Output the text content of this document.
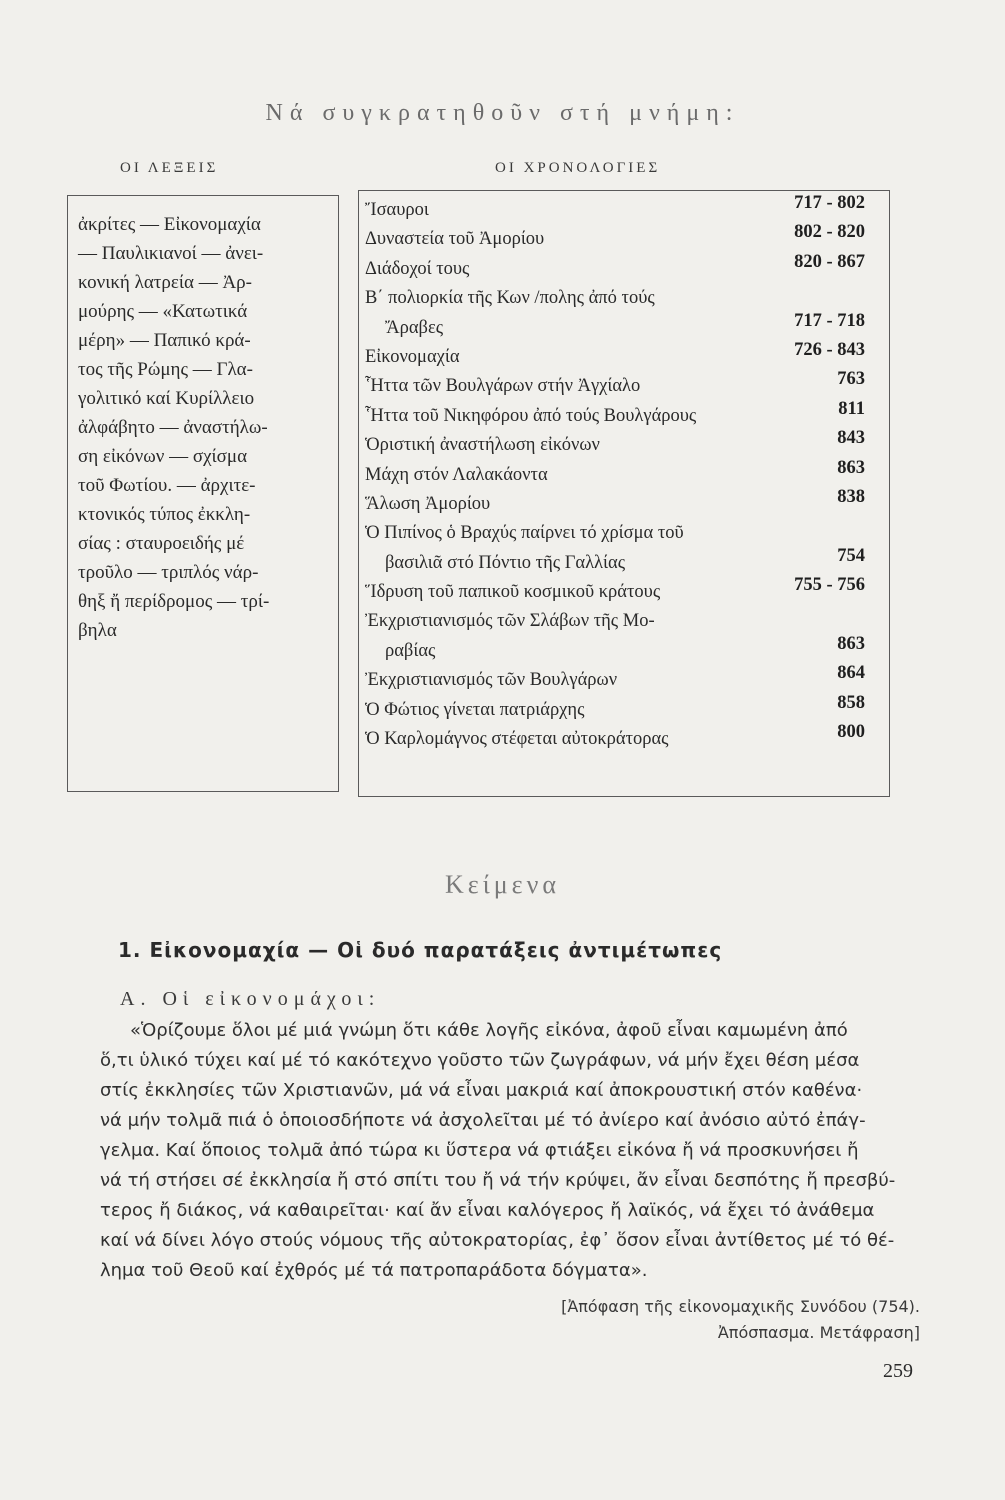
Νά συγκρατηθοῦν στή μνήμη:
ΟΙ ΛΕΞΕΙΣ	ΟΙ ΧΡΟΝΟΛΟΓΙΕΣ
ἀκρίτες — Εἰκονομαχία
— Παυλικιανοί — ἀνει-
κονική λατρεία — Ἀρ-
μούρης — «Κατωτικά
μέρη» — Παπικό κρά-
τος τῆς Ρώμης — Γλα-
γολιτικό καί Κυρίλλειο
ἀλφάβητο — ἀναστήλω-
ση εἰκόνων — σχίσμα
τοῦ Φωτίου. — ἀρχιτε-
κτονικός τύπος ἐκκλη-
σίας : σταυροειδής μέ
τροῦλο — τριπλός νάρ-
θηξ ἤ περίδρομος — τρί-
βηλα
Ἴσαυροι	717 - 802
Δυναστεία τοῦ Ἀμορίου	802 - 820
Διάδοχοί τους	820 - 867
Β΄ πολιορκία τῆς Κων /πολης ἀπό τούς
Ἄραβες	717 - 718
Εἰκονομαχία	726 - 843
Ἧττα τῶν Βουλγάρων στήν Ἀγχίαλο	763
Ἧττα τοῦ Νικηφόρου ἀπό τούς Βουλγάρους	811
Ὁριστική ἀναστήλωση εἰκόνων	843
Μάχη στόν Λαλακάοντα	863
Ἅλωση Ἀμορίου	838
Ὁ Πιπίνος ὁ Βραχύς παίρνει τό χρίσμα τοῦ
βασιλιᾶ στό Πόντιο τῆς Γαλλίας	754
Ἵδρυση τοῦ παπικοῦ κοσμικοῦ κράτους	755 - 756
Ἐκχριστιανισμός τῶν Σλάβων τῆς Μο-
ραβίας	863
Ἐκχριστιανισμός τῶν Βουλγάρων	864
Ὁ Φώτιος γίνεται πατριάρχης	858
Ὁ Καρλομάγνος στέφεται αὐτοκράτορας	800
Κείμενα
1. Εἰκονομαχία — Οἱ δυό παρατάξεις ἀντιμέτωπες
Α. Οἱ εἰκονομάχοι:
«Ὁρίζουμε ὅλοι μέ μιά γνώμη ὅτι κάθε λογῆς εἰκόνα, ἀφοῦ εἶναι καμωμένη ἀπό
ὅ,τι ὑλικό τύχει καί μέ τό κακότεχνο γοῦστο τῶν ζωγράφων, νά μήν ἔχει θέση μέσα
στίς ἐκκλησίες τῶν Χριστιανῶν, μά νά εἶναι μακριά καί ἀποκρουστική στόν καθένα·
νά μήν τολμᾶ πιά ὁ ὁποιοσδήποτε νά ἀσχολεῖται μέ τό ἀνίερο καί ἀνόσιο αὐτό ἐπάγ-
γελμα. Καί ὅποιος τολμᾶ ἀπό τώρα κι ὕστερα νά φτιάξει εἰκόνα ἤ νά προσκυνήσει ἤ
νά τή στήσει σέ ἐκκλησία ἤ στό σπίτι του ἤ νά τήν κρύψει, ἄν εἶναι δεσπότης ἤ πρεσβύ-
τερος ἤ διάκος, νά καθαιρεῖται· καί ἄν εἶναι καλόγερος ἤ λαϊκός, νά ἔχει τό ἀνάθεμα
καί νά δίνει λόγο στούς νόμους τῆς αὐτοκρατορίας, ἐφ᾽ ὅσον εἶναι ἀντίθετος μέ τό θέ-
λημα τοῦ Θεοῦ καί ἐχθρός μέ τά πατροπαράδοτα δόγματα».
[Ἀπόφαση τῆς εἰκονομαχικῆς Συνόδου (754).
Ἀπόσπασμα. Μετάφραση]
259
